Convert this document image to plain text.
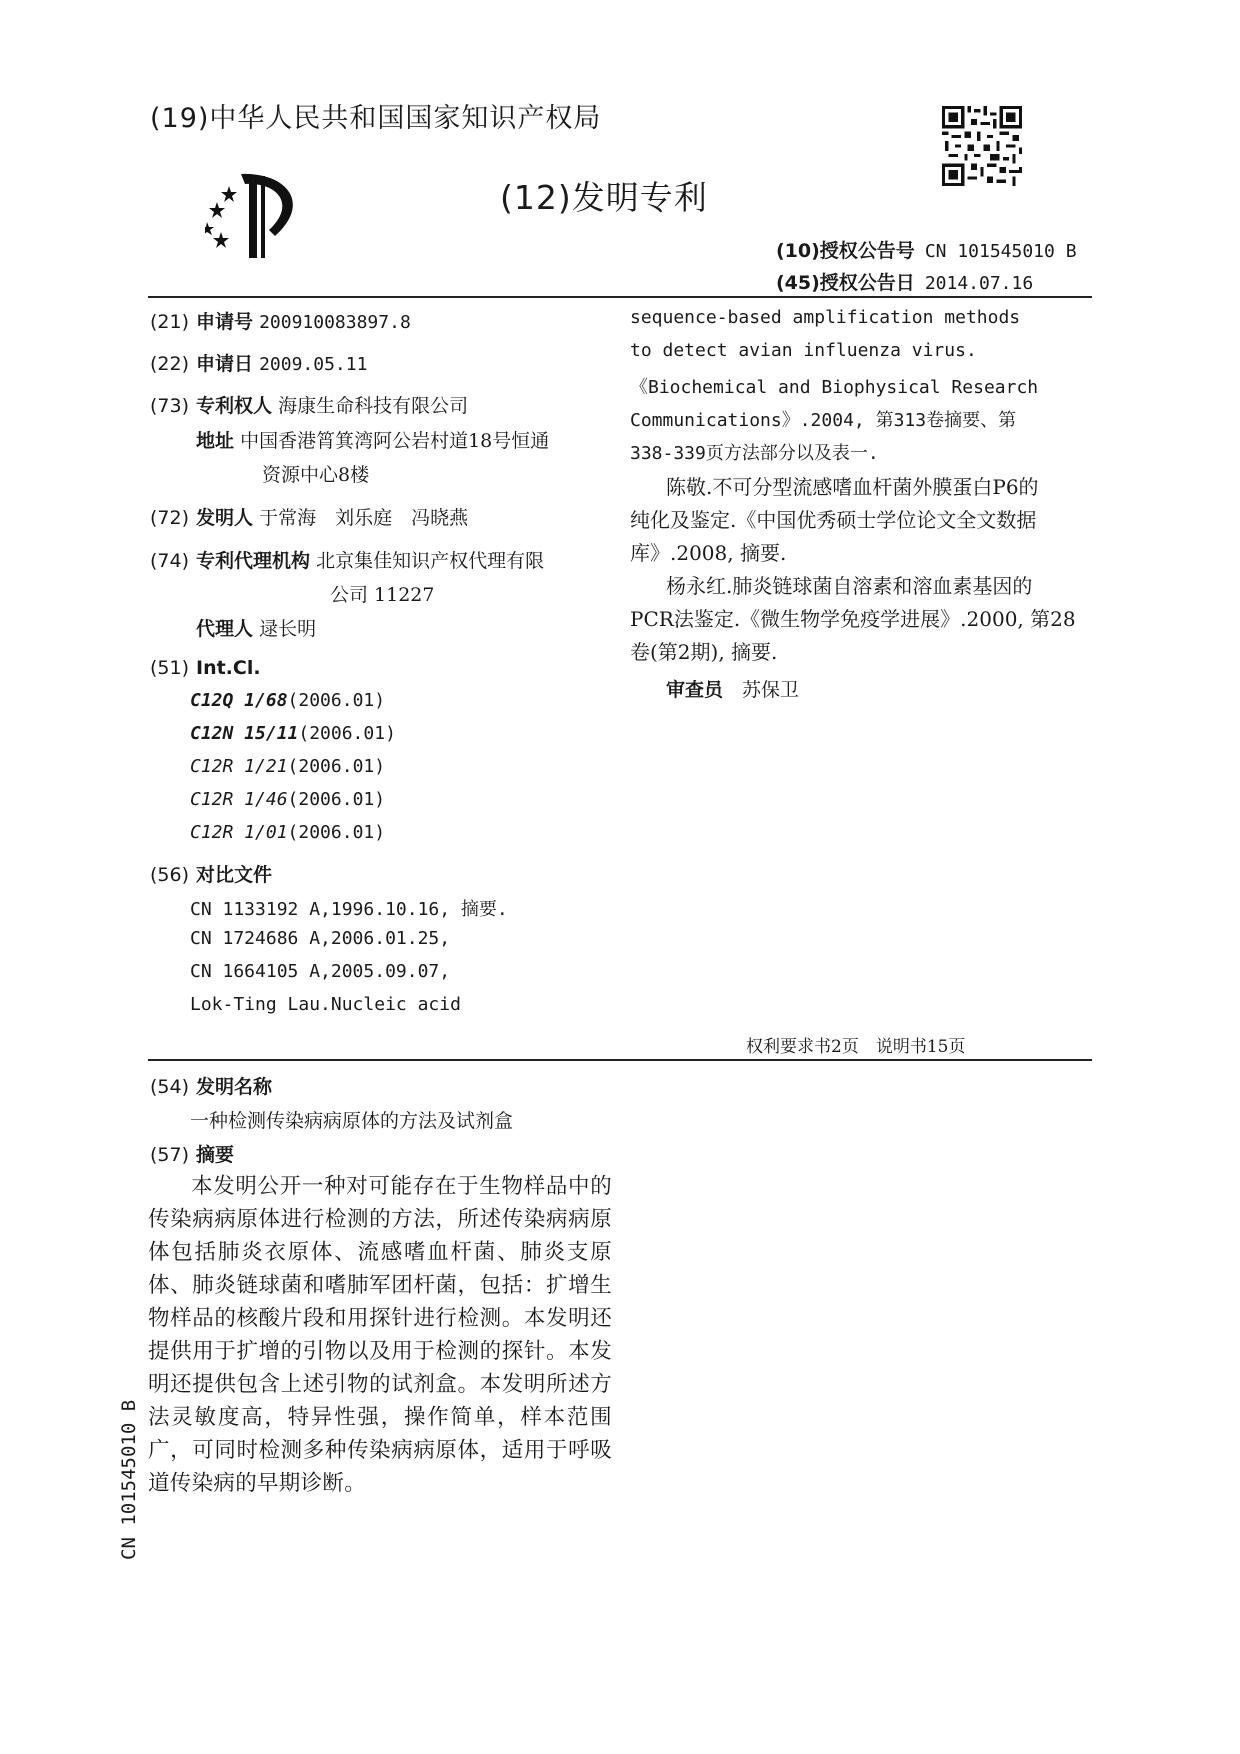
(19)中华人民共和国国家知识产权局
(12)发明专利
(10)授权公告号 CN 101545010 B
(45)授权公告日 2014.07.16
(21) 申请号 200910083897.8
(22) 申请日 2009.05.11
(73) 专利权人 海康生命科技有限公司
地址 中国香港筲箕湾阿公岩村道18号恒通
资源中心8楼
(72) 发明人 于常海　刘乐庭　冯晓燕
(74) 专利代理机构 北京集佳知识产权代理有限
公司 11227
代理人 逯长明
(51) Int.Cl.
C12Q 1/68(2006.01)
C12N 15/11(2006.01)
C12R 1/21(2006.01)
C12R 1/46(2006.01)
C12R 1/01(2006.01)
(56) 对比文件
CN 1133192 A,1996.10.16, 摘要.
CN 1724686 A,2006.01.25,
CN 1664105 A,2005.09.07,
Lok-Ting Lau.Nucleic acid
sequence-based amplification methods
to detect avian influenza virus.
《Biochemical and Biophysical Research
Communications》.2004, 第313卷摘要、第
338-339页方法部分以及表一.
陈敬.不可分型流感嗜血杆菌外膜蛋白P6的
纯化及鉴定.《中国优秀硕士学位论文全文数据
库》.2008, 摘要.
杨永红.肺炎链球菌自溶素和溶血素基因的
PCR法鉴定.《微生物学免疫学进展》.2000, 第28
卷(第2期), 摘要.
审查员　 苏保卫
权利要求书2页　说明书15页
(54) 发明名称
一种检测传染病病原体的方法及试剂盒
(57) 摘要
本发明公开一种对可能存在于生物样品中的传染病病原体进行检测的方法，所述传染病病原体包括肺炎衣原体、流感嗜血杆菌、肺炎支原体、肺炎链球菌和嗜肺军团杆菌，包括：扩增生物样品的核酸片段和用探针进行检测。本发明还提供用于扩增的引物以及用于检测的探针。本发明还提供包含上述引物的试剂盒。本发明所述方法灵敏度高，特异性强，操作简单，样本范围广，可同时检测多种传染病病原体，适用于呼吸道传染病的早期诊断。
CN 101545010 B
